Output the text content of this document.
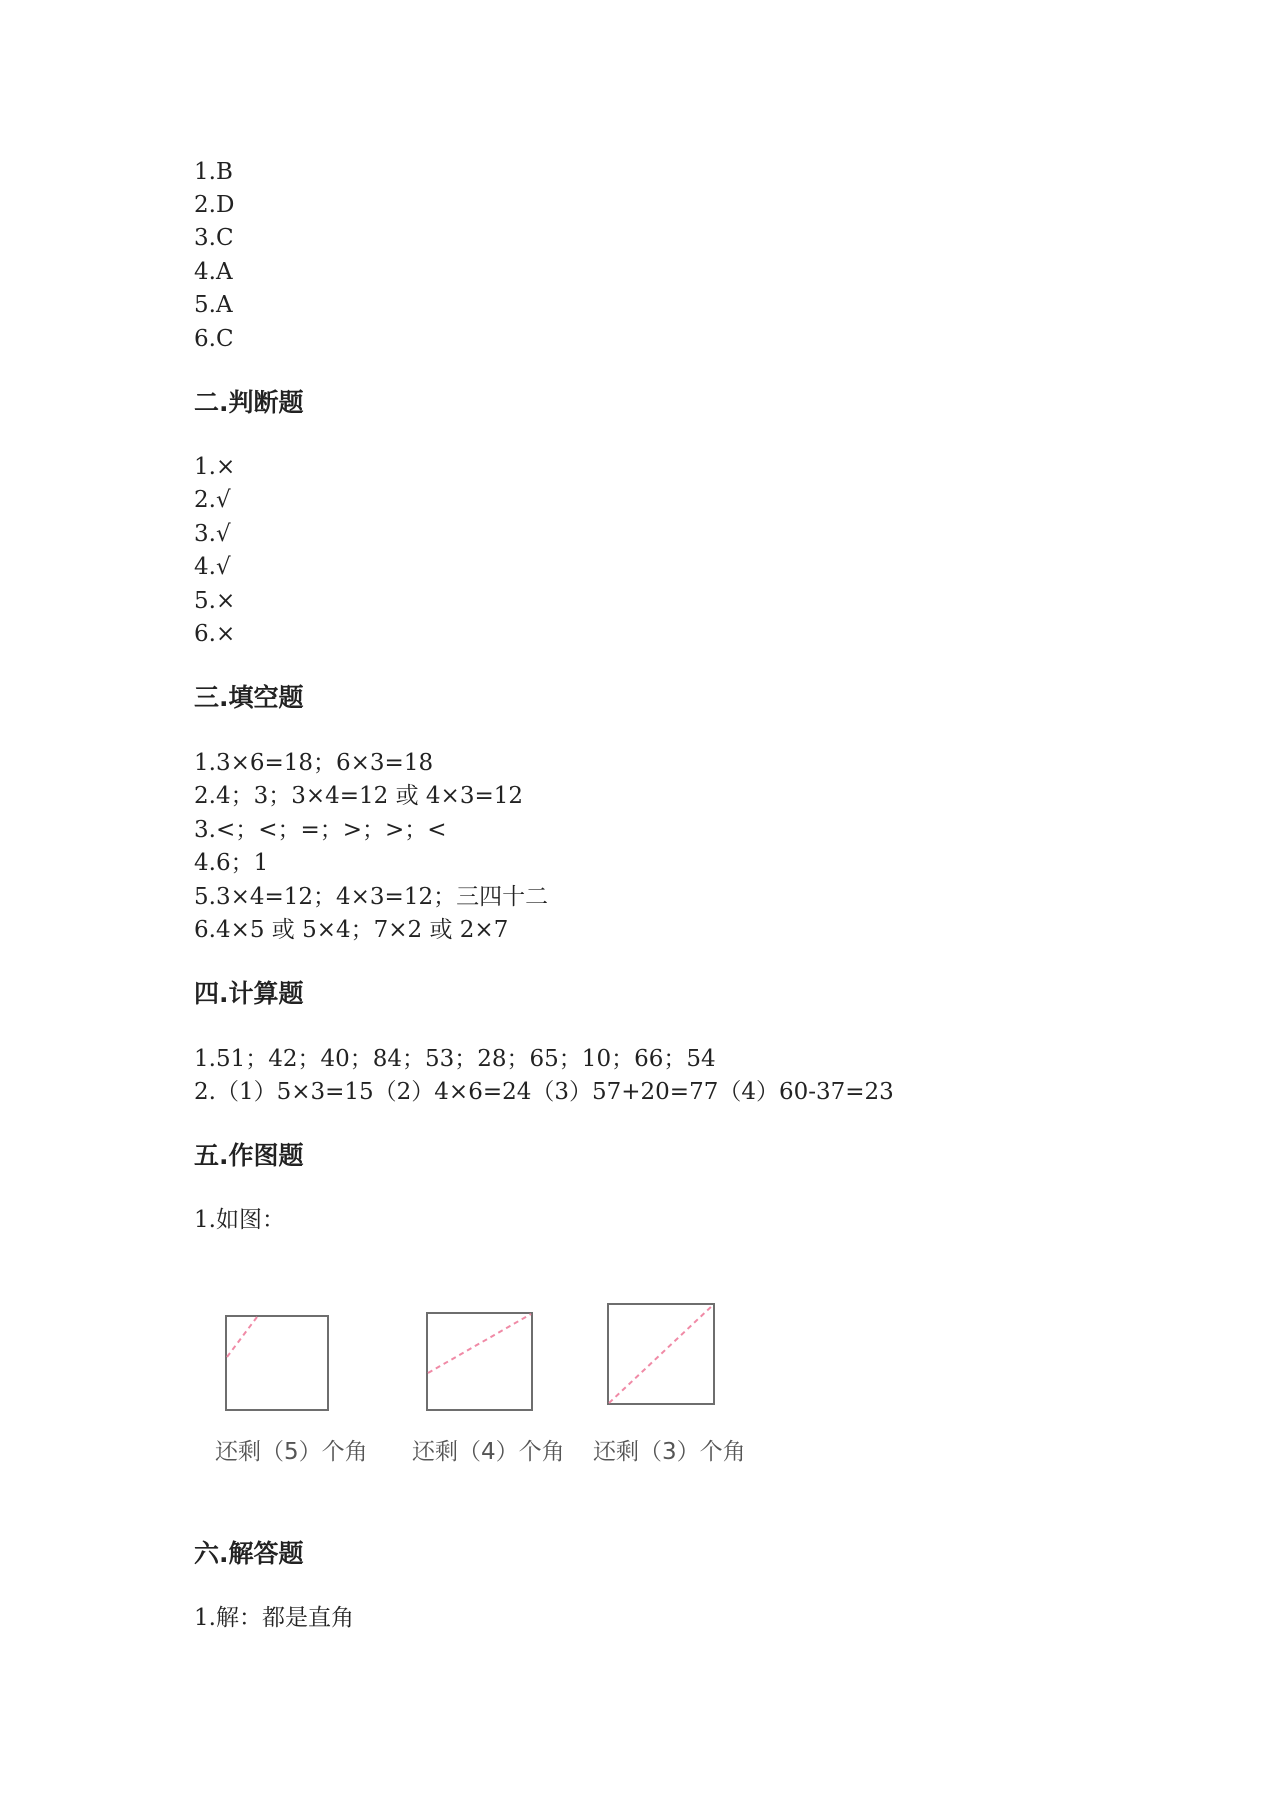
1.B
2.D
3.C
4.A
5.A
6.C
二.判断题
1.×
2.√
3.√
4.√
5.×
6.×
三.填空题
1.3×6=18；6×3=18
2.4；3；3×4=12 或 4×3=12
3.<；<；=；>；>；<
4.6；1
5.3×4=12；4×3=12；三四十二
6.4×5 或 5×4；7×2 或 2×7
四.计算题
1.51；42；40；84；53；28；65；10；66；54
2.（1）5×3=15（2）4×6=24（3）57+20=77（4）60-37=23
五.作图题
1.如图：
还剩（5）个角 还剩（4）个角 还剩（3）个角
六.解答题
1.解：都是直角
